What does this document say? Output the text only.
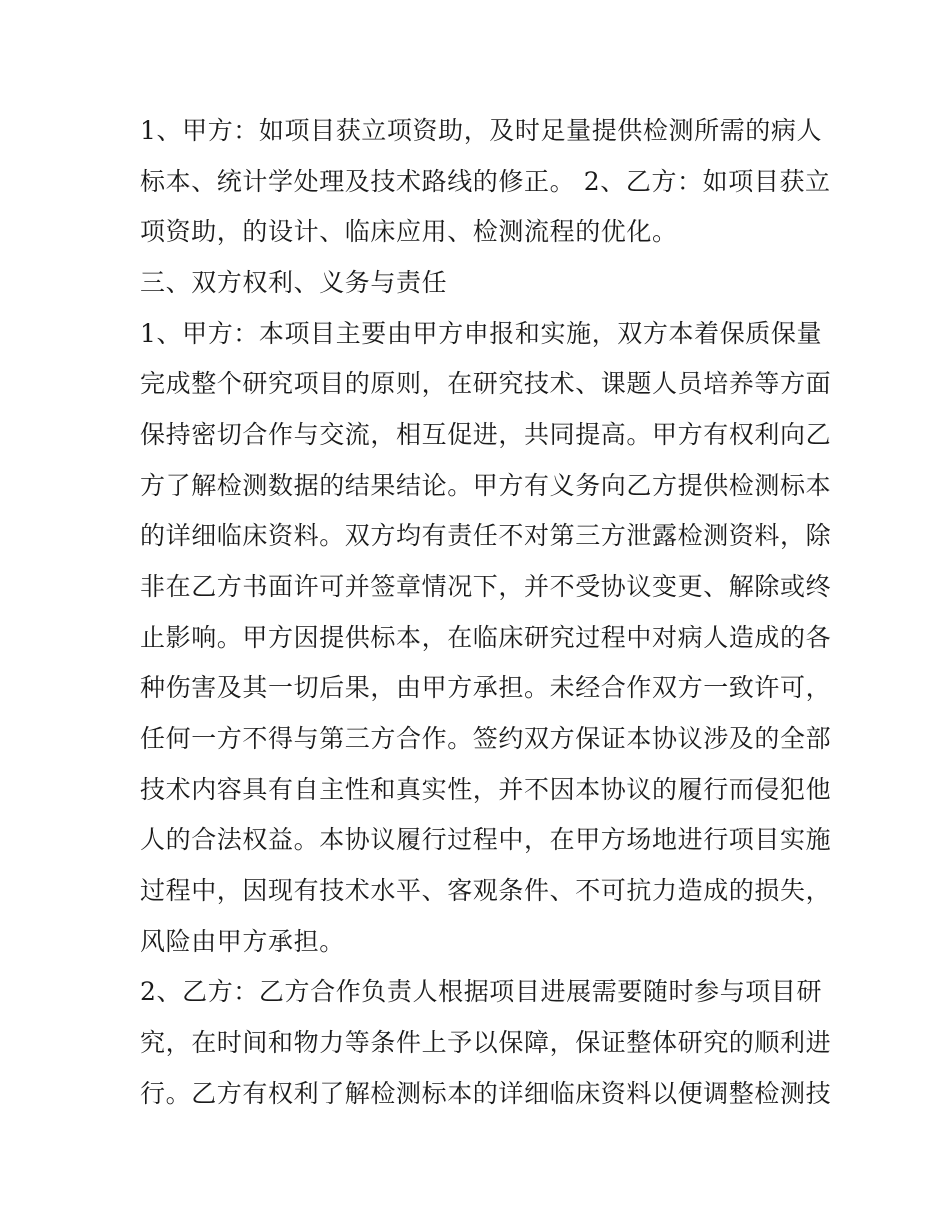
1、甲方：如项目获立项资助，及时足量提供检测所需的病人
标本、统计学处理及技术路线的修正。 2、乙方：如项目获立
项资助，的设计、临床应用、检测流程的优化。
三、双方权利、义务与责任
1、甲方：本项目主要由甲方申报和实施，双方本着保质保量
完成整个研究项目的原则，在研究技术、课题人员培养等方面
保持密切合作与交流，相互促进，共同提高。甲方有权利向乙
方了解检测数据的结果结论。甲方有义务向乙方提供检测标本
的详细临床资料。双方均有责任不对第三方泄露检测资料，除
非在乙方书面许可并签章情况下，并不受协议变更、解除或终
止影响。甲方因提供标本，在临床研究过程中对病人造成的各
种伤害及其一切后果，由甲方承担。未经合作双方一致许可，
任何一方不得与第三方合作。签约双方保证本协议涉及的全部
技术内容具有自主性和真实性，并不因本协议的履行而侵犯他
人的合法权益。本协议履行过程中，在甲方场地进行项目实施
过程中，因现有技术水平、客观条件、不可抗力造成的损失，
风险由甲方承担。
2、乙方：乙方合作负责人根据项目进展需要随时参与项目研
究，在时间和物力等条件上予以保障，保证整体研究的顺利进
行。乙方有权利了解检测标本的详细临床资料以便调整检测技
